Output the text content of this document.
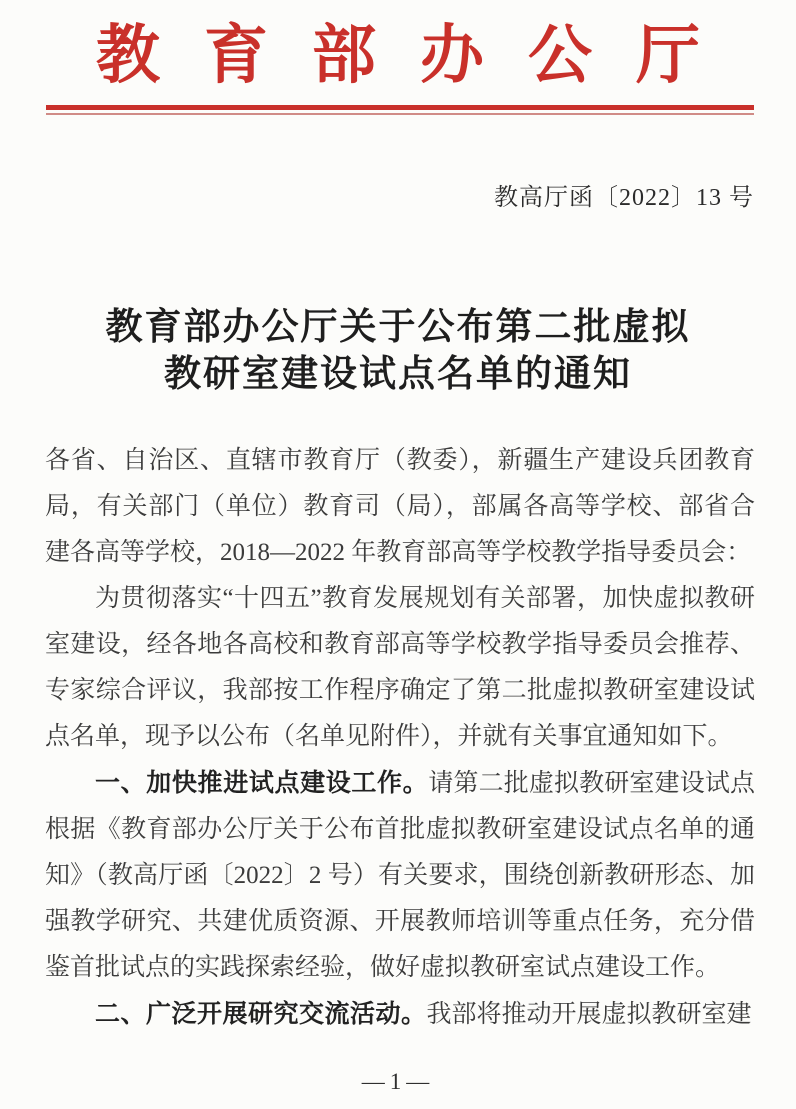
教育部办公厅
教高厅函〔2022〕13 号
教育部办公厅关于公布第二批虚拟
教研室建设试点名单的通知

各省、自治区、直辖市教育厅（教委），新疆生产建设兵团教育局，有关部门（单位）教育司（局），部属各高等学校、部省合建各高等学校，2018—2022 年教育部高等学校教学指导委员会：

为贯彻落实“十四五”教育发展规划有关部署，加快虚拟教研室建设，经各地各高校和教育部高等学校教学指导委员会推荐、专家综合评议，我部按工作程序确定了第二批虚拟教研室建设试点名单，现予以公布（名单见附件），并就有关事宜通知如下。

一、加快推进试点建设工作。请第二批虚拟教研室建设试点根据《教育部办公厅关于公布首批虚拟教研室建设试点名单的通知》（教高厅函〔2022〕2 号）有关要求，围绕创新教研形态、加强教学研究、共建优质资源、开展教师培训等重点任务，充分借鉴首批试点的实践探索经验，做好虚拟教研室试点建设工作。

二、广泛开展研究交流活动。我部将推动开展虚拟教研室建

—1—
